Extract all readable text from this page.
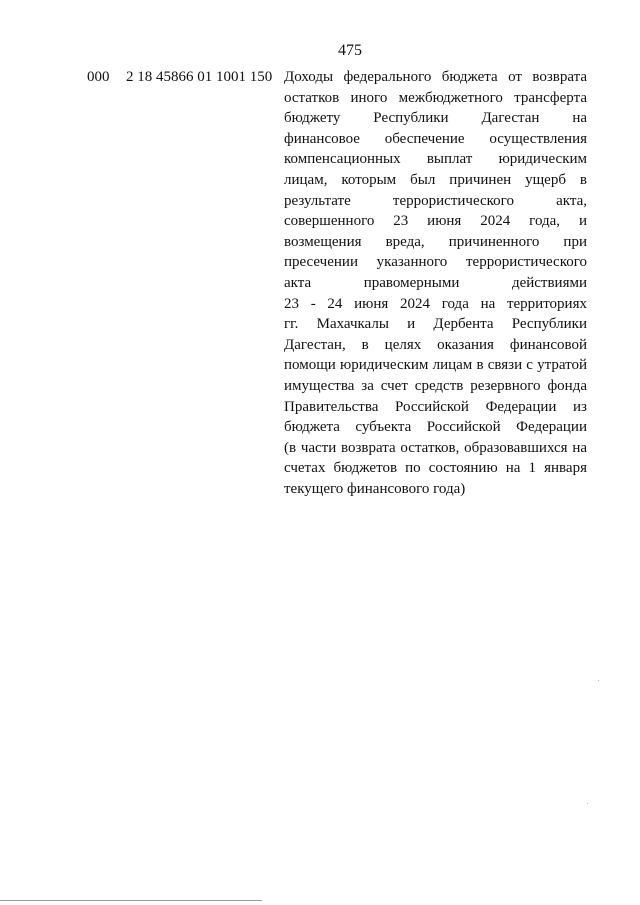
475
000 2 18 45866 01 1001 150 Доходы федерального бюджета от возврата
остатков иного межбюджетного трансферта
бюджету Республики Дагестан на
финансовое обеспечение осуществления
компенсационных выплат юридическим
лицам, которым был причинен ущерб в
результате террористического акта,
совершенного 23 июня 2024 года, и
возмещения вреда, причиненного при
пресечении указанного террористического
акта правомерными действиями
23 - 24 июня 2024 года на территориях
гг. Махачкалы и Дербента Республики
Дагестан, в целях оказания финансовой
помощи юридическим лицам в связи с утратой
имущества за счет средств резервного фонда
Правительства Российской Федерации из
бюджета субъекта Российской Федерации
(в части возврата остатков, образовавшихся на
счетах бюджетов по состоянию на 1 января
текущего финансового года)
